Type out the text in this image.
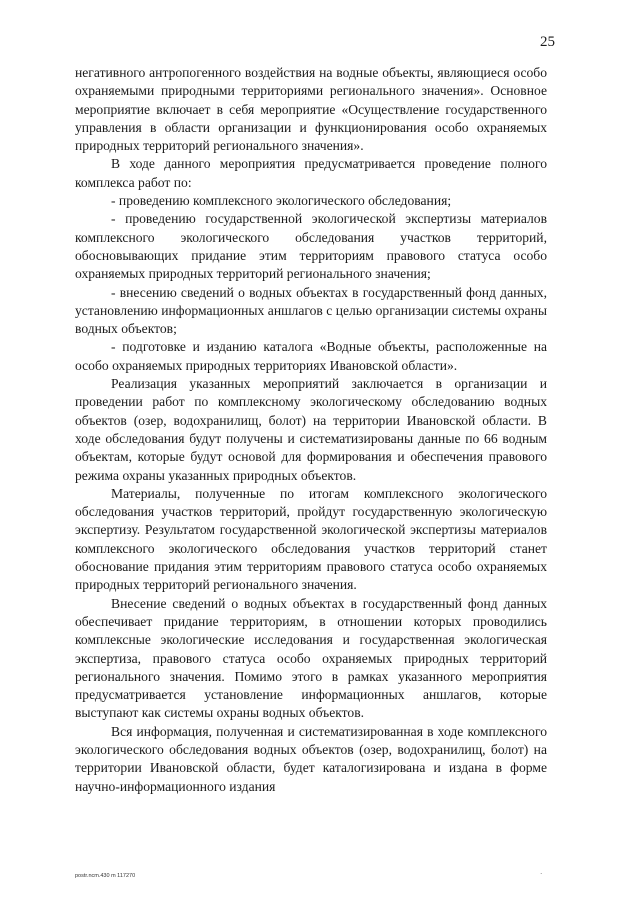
25

негативного антропогенного воздействия на водные объекты, являющиеся особо охраняемыми природными территориями регионального значения». Основное мероприятие включает в себя мероприятие «Осуществление государственного управления в области организации и функционирования особо охраняемых природных территорий регионального значения».

В ходе данного мероприятия предусматривается проведение полного комплекса работ по:

- проведению комплексного экологического обследования;

- проведению государственной экологической экспертизы материалов комплексного экологического обследования участков территорий, обосновывающих придание этим территориям правового статуса особо охраняемых природных территорий регионального значения;

- внесению сведений о водных объектах в государственный фонд данных, установлению информационных аншлагов с целью организации системы охраны водных объектов;

- подготовке и изданию каталога «Водные объекты, расположенные на особо охраняемых природных территориях Ивановской области».

Реализация указанных мероприятий заключается в организации и проведении работ по комплексному экологическому обследованию водных объектов (озер, водохранилищ, болот) на территории Ивановской области. В ходе обследования будут получены и систематизированы данные по 66 водным объектам, которые будут основой для формирования и обеспечения правового режима охраны указанных природных объектов.

Материалы, полученные по итогам комплексного экологического обследования участков территорий, пройдут государственную экологическую экспертизу. Результатом государственной экологической экспертизы материалов комплексного экологического обследования участков территорий станет обоснование придания этим территориям правового статуса особо охраняемых природных территорий регионального значения.

Внесение сведений о водных объектах в государственный фонд данных обеспечивает придание территориям, в отношении которых проводились комплексные экологические исследования и государственная экологическая экспертиза, правового статуса особо охраняемых природных территорий регионального значения. Помимо этого в рамках указанного мероприятия предусматривается установление информационных аншлагов, которые выступают как системы охраны водных объектов.

Вся информация, полученная и систематизированная в ходе комплексного экологического обследования водных объектов (озер, водохранилищ, болот) на территории Ивановской области, будет каталогизирована и издана в форме научно-информационного издания

postr.ncm.430 m 117270	·
